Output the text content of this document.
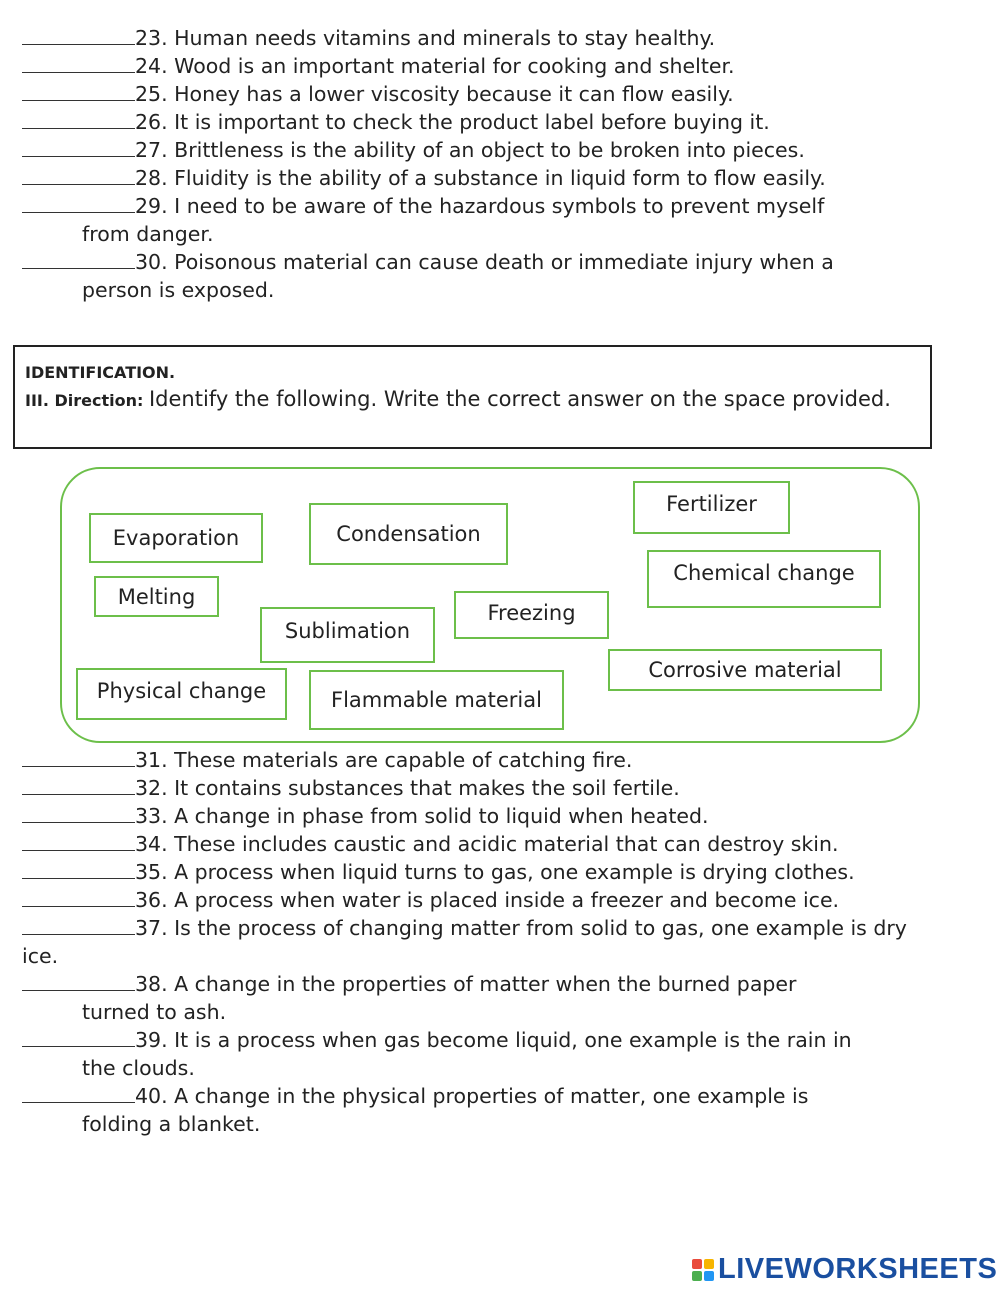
23. Human needs vitamins and minerals to stay healthy.
24. Wood is an important material for cooking and shelter.
25. Honey has a lower viscosity because it can flow easily.
26. It is important to check the product label before buying it.
27. Brittleness is the ability of an object to be broken into pieces.
28. Fluidity is the ability of a substance in liquid form to flow easily.
29. I need to be aware of the hazardous symbols to prevent myself
from danger.
30. Poisonous material can cause death or immediate injury when a
person is exposed.
IDENTIFICATION.
III. Direction: Identify the following. Write the correct answer on the space provided.
Evaporation	Condensation
Fertilizer
Chemical change
Melting
Sublimation
Freezing
Corrosive material
Physical change	Flammable material
31. These materials are capable of catching fire.
32. It contains substances that makes the soil fertile.
33. A change in phase from solid to liquid when heated.
34. These includes caustic and acidic material that can destroy skin.
35. A process when liquid turns to gas, one example is drying clothes.
36. A process when water is placed inside a freezer and become ice.
37. Is the process of changing matter from solid to gas, one example is dry
ice.
38. A change in the properties of matter when the burned paper
turned to ash.
39. It is a process when gas become liquid, one example is the rain in
the clouds.
40. A change in the physical properties of matter, one example is
folding a blanket.
LIVEWORKSHEETS
